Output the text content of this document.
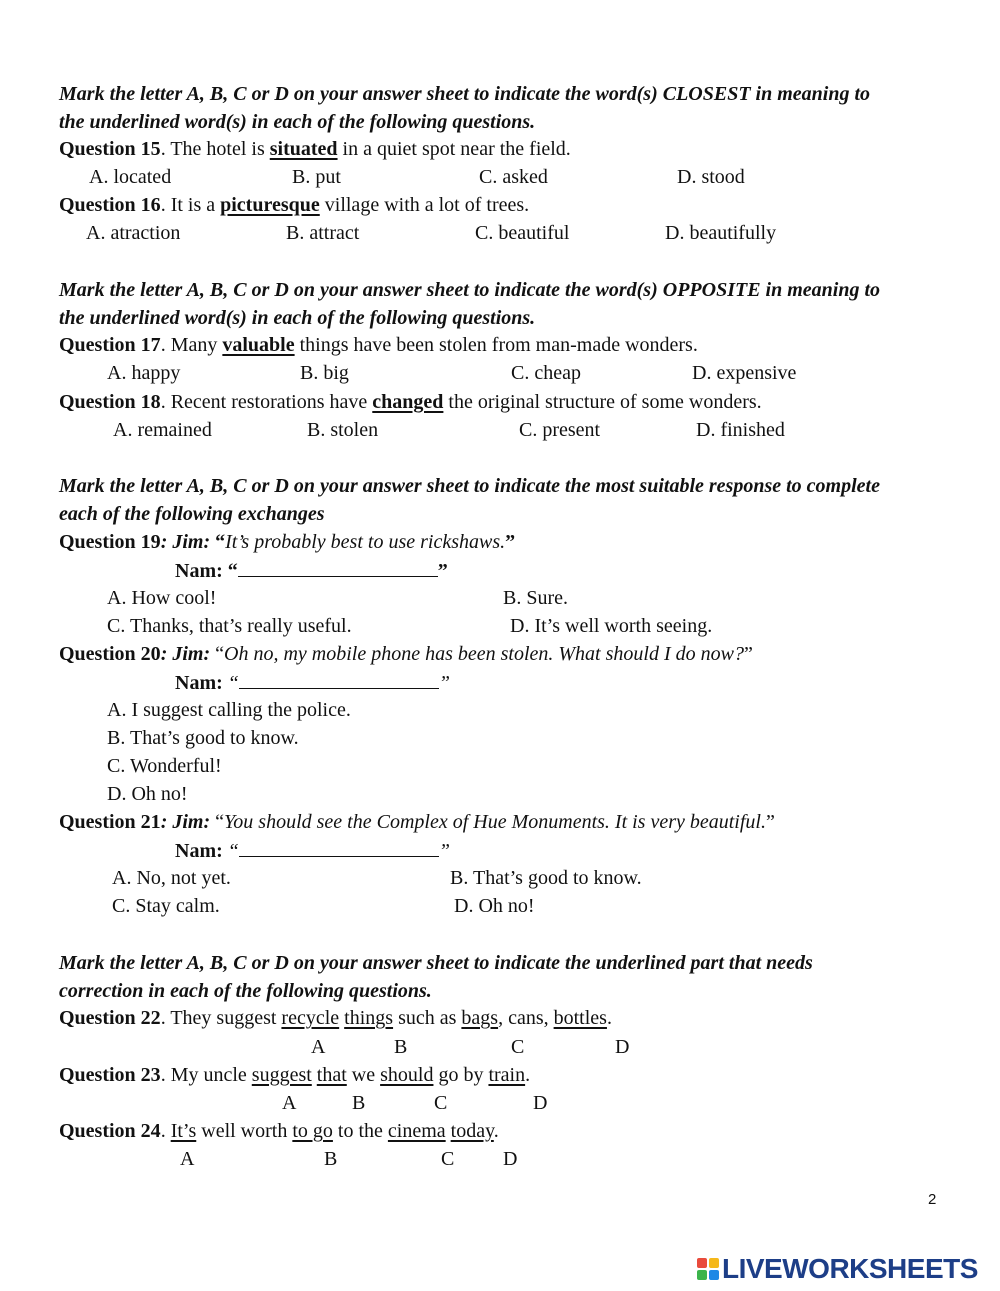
Mark the letter A, B, C or D on your answer sheet to indicate the word(s) CLOSEST in meaning to
the underlined word(s) in each of the following questions.
Question 15. The hotel is situated in a quiet spot near the field.
A. located	B. put	C. asked	D. stood
Question 16. It is a picturesque village with a lot of trees.
A. atraction	B. attract	C. beautiful	D. beautifully
Mark the letter A, B, C or D on your answer sheet to indicate the word(s) OPPOSITE in meaning to
the underlined word(s) in each of the following questions.
Question 17. Many valuable things have been stolen from man-made wonders.
A. happy	B. big	C. cheap	D. expensive
Question 18. Recent restorations have changed the original structure of some wonders.
A. remained	B. stolen	C. present	D. finished
Mark the letter A, B, C or D on your answer sheet to indicate the most suitable response to complete
each of the following exchanges
Question 19: Jim: “It’s probably best to use rickshaws.”
Nam: “	”
A. How cool!	B. Sure.
C. Thanks, that’s really useful.	D. It’s well worth seeing.
Question 20: Jim: “Oh no, my mobile phone has been stolen. What should I do now?”
Nam: “	”
A. I suggest calling the police.
B. That’s good to know.
C. Wonderful!
D. Oh no!
Question 21: Jim: “You should see the Complex of Hue Monuments. It is very beautiful.”
Nam: “	”
A. No, not yet.	B. That’s good to know.
C. Stay calm.	D. Oh no!
Mark the letter A, B, C or D on your answer sheet to indicate the underlined part that needs
correction in each of the following questions.
Question 22. They suggest recycle things such as bags, cans, bottles.
A	B	C	D
Question 23. My uncle suggest that we should go by train.
A	B	C	D
Question 24. It’s well worth to go to the cinema today.
A	B	C D
2
LIVEWORKSHEETS
